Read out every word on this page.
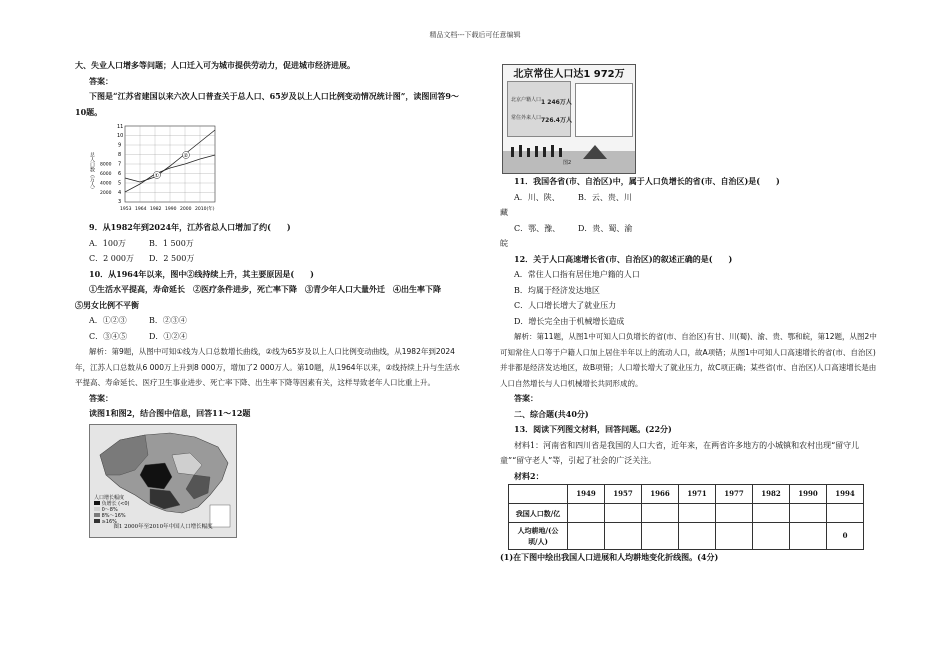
精品文档---下载后可任意编辑

大、失业人口增多等问题；人口迁入可为城市提供劳动力，促进城市经济进展。

答案：

下图是“江苏省建国以来六次人口普查关于总人口、65岁及以上人口比例变动情况统计图”，读图回答9～10题。

①
②
11
10
9
8
7
6
5
4
3
8000
6000
4000
2000
总人口数（万人）
1953 1964 1982 1990 2000 2010(年)

9．从1982年到2024年，江苏省总人口增加了约(　　)

A．100万	B．1 500万
C．2 000万	D．2 500万

10．从1964年以来，图中②线持续上升，其主要原因是(　　)

①生活水平提高，寿命延长　②医疗条件进步，死亡率下降　③青少年人口大量外迁　④出生率下降

⑤男女比例不平衡

A．①②③	B．②③④
C．③④⑤	D．①②④

解析：第9题，从图中可知①线为人口总数增长曲线，②线为65岁及以上人口比例变动曲线，从1982年到2024年，江苏人口总数从6 000万上升到8 000万，增加了2 000万人。第10题，从1964年以来，②线持续上升与生活水平提高、寿命延长、医疗卫生事业进步、死亡率下降、出生率下降等因素有关，这样导致老年人口比重上升。

答案：

读图1和图2，结合图中信息，回答11～12题

人口增长幅度
负增长 (<0)
0～8%
8%～16%
≥16%
图1 2000年至2010年中国人口增长幅度
北京常住人口达1 972万
北京户籍人口 1 246万人
常住外来人口 726.4万人
图2

11．我国各省(市、自治区)中，属于人口负增长的省(市、自治区)是(　　)

A．川、陕、藏
B．云、贵、川
C．鄂、豫、皖
D．贵、蜀、渝

12．关于人口高速增长省(市、自治区)的叙述正确的是(　　)

A．常住人口指有居住地户籍的人口

B．均属于经济发达地区

C．人口增长增大了就业压力

D．增长完全由于机械增长造成

解析：第11题，从图1中可知人口负增长的省(市、自治区)有甘、川(蜀)、渝、贵、鄂和皖，第12题，从图2中可知常住人口等于户籍人口加上居住半年以上的流动人口，故A项错；从图1中可知人口高速增长的省(市、自治区)并非都是经济发达地区，故B项错；人口增长增大了就业压力，故C项正确；某些省(市、自治区)人口高速增长是由人口自然增长与人口机械增长共同形成的。

答案：

二、综合题(共40分)

13．阅读下列图文材料，回答问题。(22分)

材料1：河南省和四川省是我国的人口大省，近年来，在两省许多地方的小城镇和农村出现“留守儿童”“留守老人”等，引起了社会的广泛关注。

材料2：

	1949	1957	1966	1971	1977	1982	1990	1994
我国人口数/亿								
人均耕地/(公顷/人)								0

(1)在下图中绘出我国人口进展和人均耕地变化折线图。(4分)
